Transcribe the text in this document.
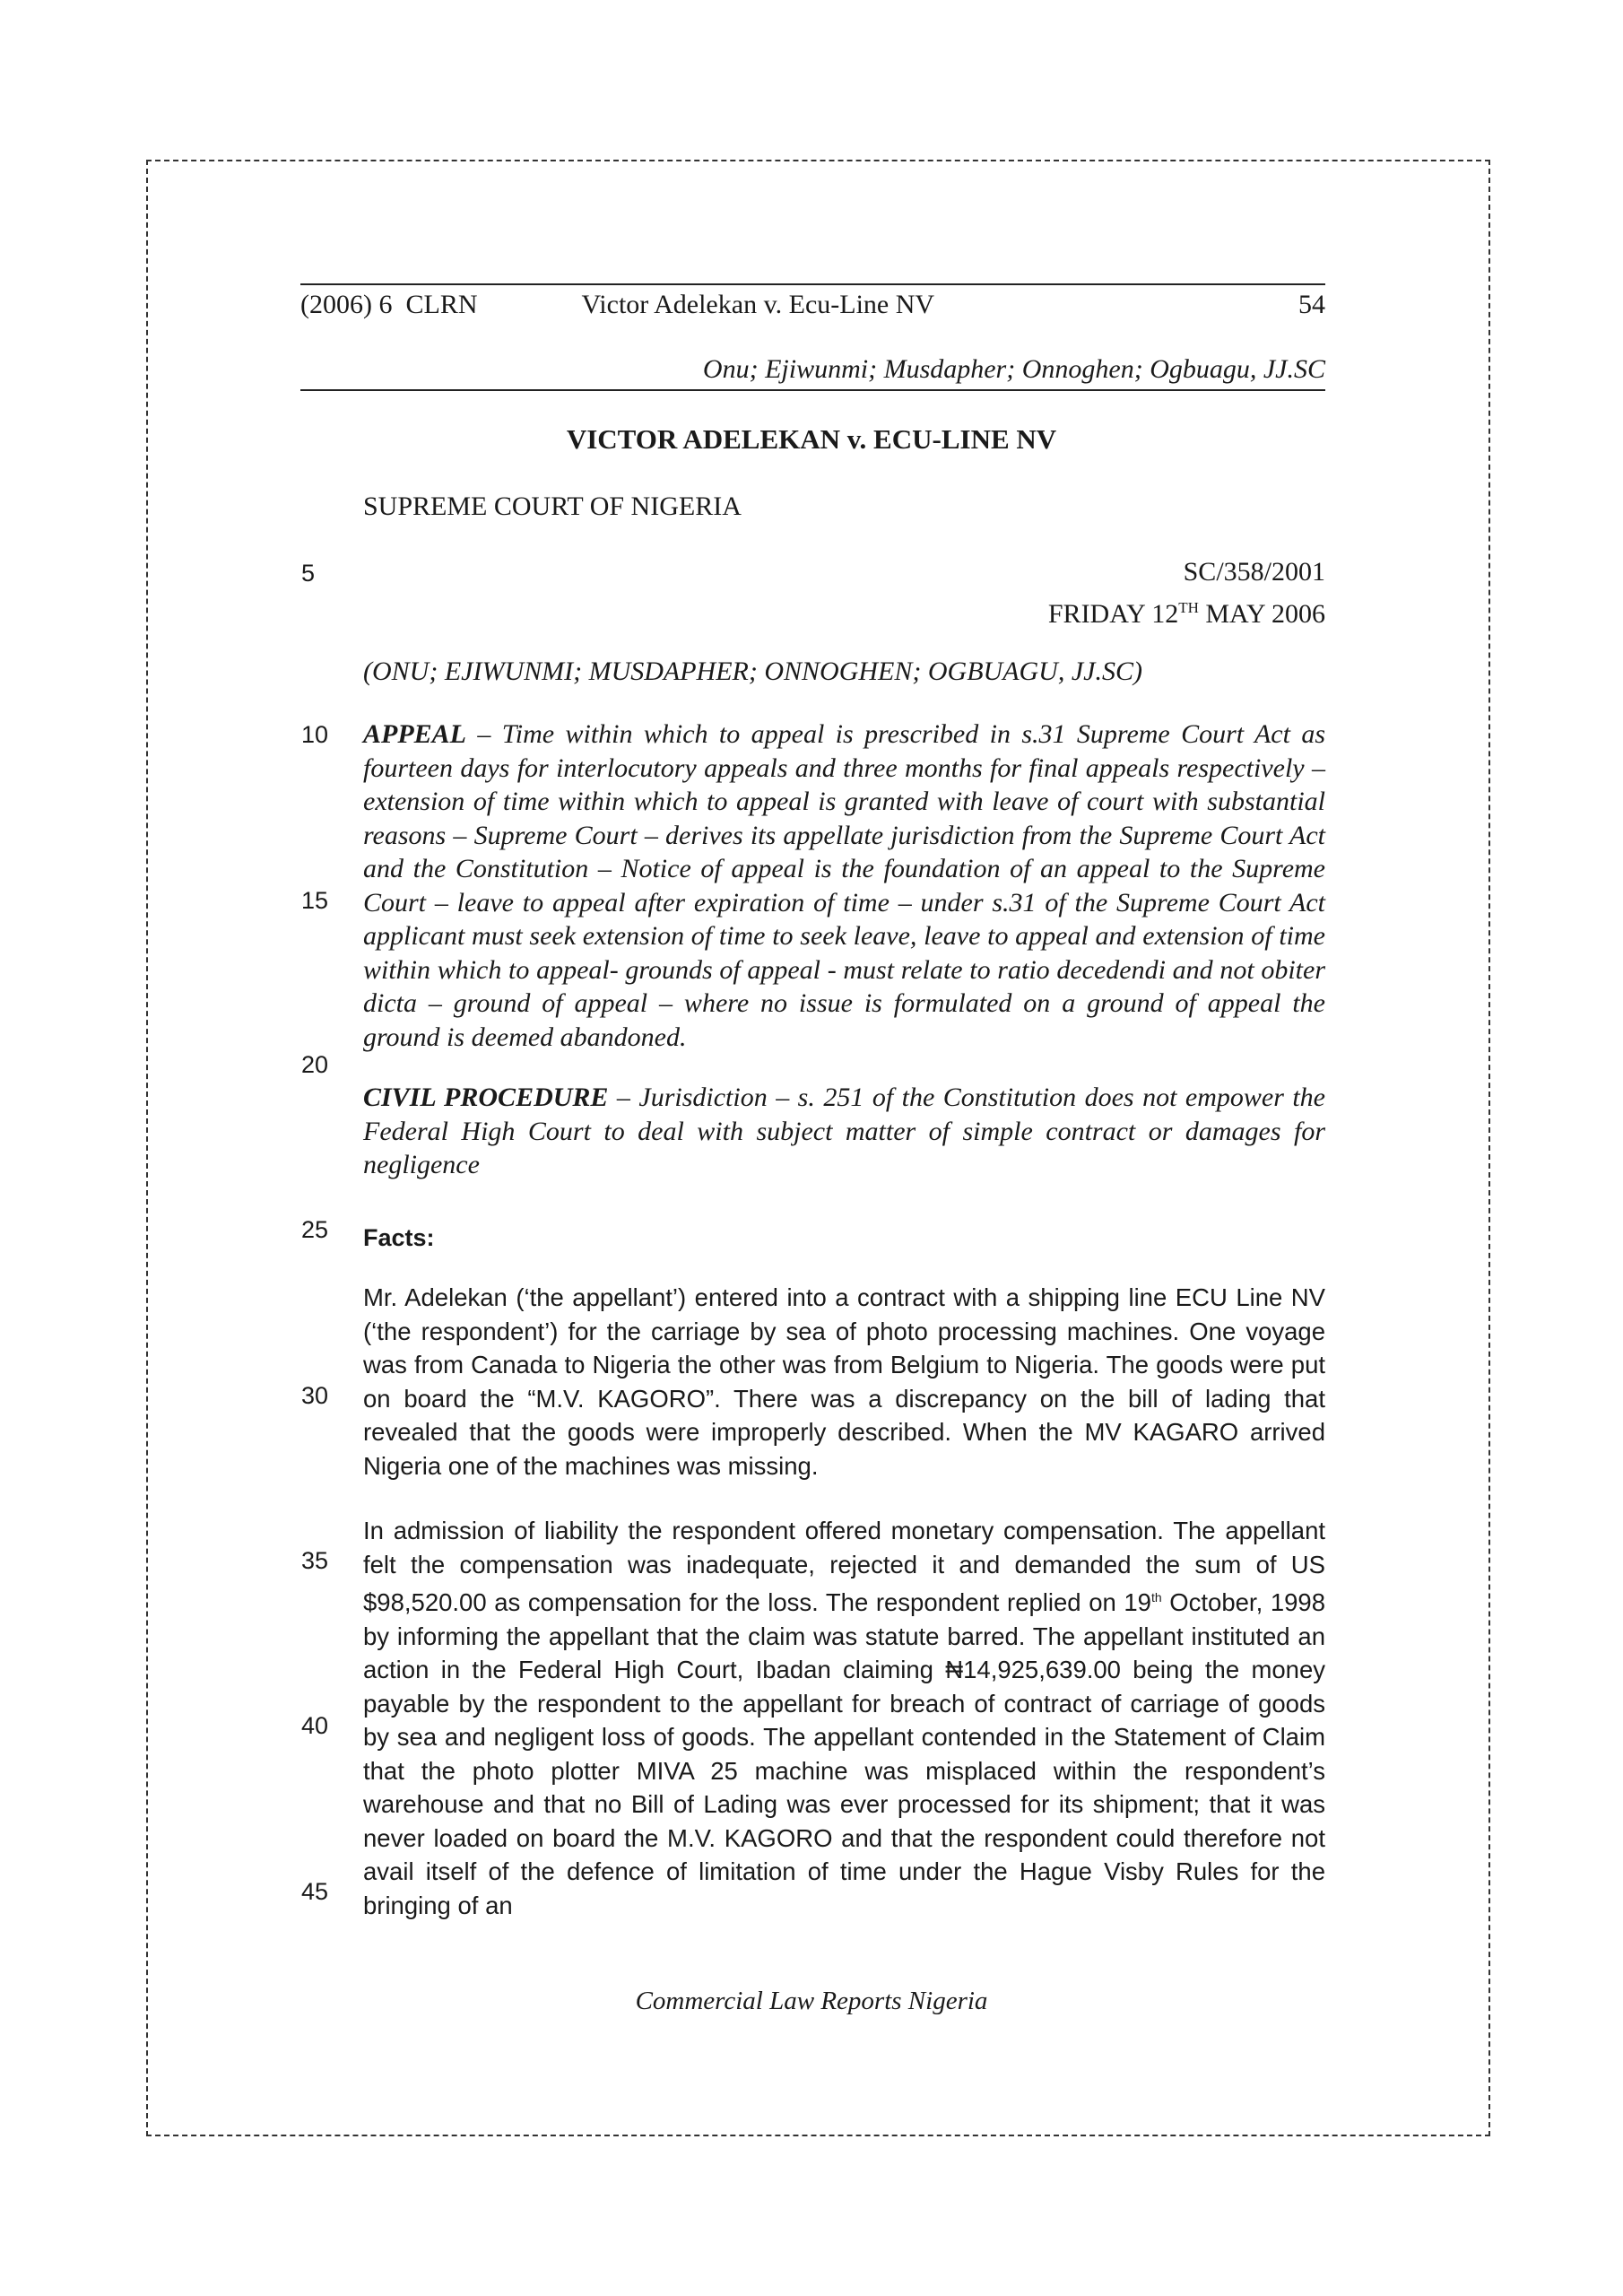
(2006) 6  CLRN	Victor Adelekan v. Ecu-Line NV	54
Onu; Ejiwunmi; Musdapher; Onnoghen; Ogbuagu, JJ.SC
VICTOR ADELEKAN v. ECU-LINE NV
SUPREME COURT OF NIGERIA
5
10
15
20
25
30
35
40
45
SC/358/2001
FRIDAY 12TH MAY 2006
(ONU; EJIWUNMI; MUSDAPHER; ONNOGHEN; OGBUAGU, JJ.SC)
APPEAL – Time within which to appeal is prescribed in s.31 Supreme Court Act as fourteen days for interlocutory appeals and three months for final appeals respectively – extension of time within which to appeal is granted with leave of court with substantial reasons – Supreme Court – derives its appellate jurisdiction from the Supreme Court Act and the Constitution – Notice of appeal is the foundation of an appeal to the Supreme Court – leave to appeal after expiration of time – under s.31 of the Supreme Court Act applicant must seek extension of time to seek leave, leave to appeal and extension of time within which to appeal- grounds of appeal - must relate to ratio decedendi and not obiter dicta – ground of appeal – where no issue is formulated on a ground of appeal the ground is deemed abandoned.
CIVIL PROCEDURE – Jurisdiction – s. 251 of the Constitution does not empower the Federal High Court to deal with subject matter of simple contract or damages for negligence
Facts:
Mr. Adelekan (‘the appellant’) entered into a contract with a shipping line ECU Line NV (‘the respondent’) for the carriage by sea of photo processing machines. One voyage was from Canada to Nigeria the other was from Belgium to Nigeria. The goods were put on board the “M.V. KAGORO”. There was a discrepancy on the bill of lading that revealed that the goods were improperly described. When the MV KAGARO arrived Nigeria one of the machines was missing.
In admission of liability the respondent offered monetary compensation. The appellant felt the compensation was inadequate, rejected it and demanded the sum of US $98,520.00 as compensation for the loss. The respondent replied on 19th October, 1998 by informing the appellant that the claim was statute barred. The appellant instituted an action in the Federal High Court, Ibadan claiming ₦14,925,639.00 being the money payable by the respondent to the appellant for breach of contract of carriage of goods by sea and negligent loss of goods. The appellant contended in the Statement of Claim that the photo plotter MIVA 25 machine was misplaced within the respondent’s warehouse and that no Bill of Lading was ever processed for its shipment; that it was never loaded on board the M.V. KAGORO and that the respondent could therefore not avail itself of the defence of limitation of time under the Hague Visby Rules for the bringing of an
Commercial Law Reports Nigeria
